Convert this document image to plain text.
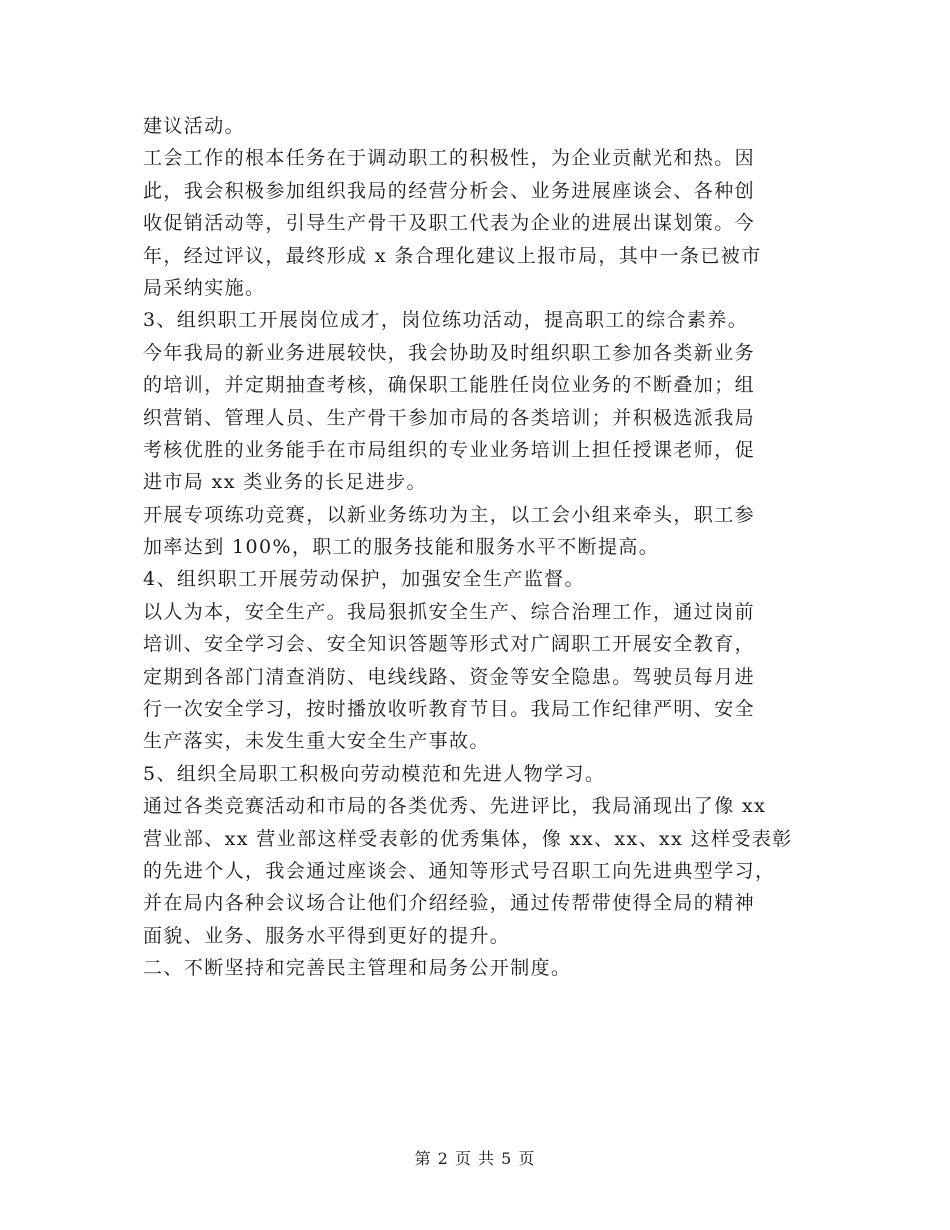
建议活动。
工会工作的根本任务在于调动职工的积极性，为企业贡献光和热。因
此，我会积极参加组织我局的经营分析会、业务进展座谈会、各种创
收促销活动等，引导生产骨干及职工代表为企业的进展出谋划策。今
年，经过评议，最终形成 x 条合理化建议上报市局，其中一条已被市
局采纳实施。
3、组织职工开展岗位成才，岗位练功活动，提高职工的综合素养。
今年我局的新业务进展较快，我会协助及时组织职工参加各类新业务
的培训，并定期抽查考核，确保职工能胜任岗位业务的不断叠加；组
织营销、管理人员、生产骨干参加市局的各类培训；并积极选派我局
考核优胜的业务能手在市局组织的专业业务培训上担任授课老师，促
进市局 xx 类业务的长足进步。
开展专项练功竞赛，以新业务练功为主，以工会小组来牵头，职工参
加率达到 100%，职工的服务技能和服务水平不断提高。
4、组织职工开展劳动保护，加强安全生产监督。
以人为本，安全生产。我局狠抓安全生产、综合治理工作，通过岗前
培训、安全学习会、安全知识答题等形式对广阔职工开展安全教育，
定期到各部门清查消防、电线线路、资金等安全隐患。驾驶员每月进
行一次安全学习，按时播放收听教育节目。我局工作纪律严明、安全
生产落实，未发生重大安全生产事故。
5、组织全局职工积极向劳动模范和先进人物学习。
通过各类竞赛活动和市局的各类优秀、先进评比，我局涌现出了像 xx
营业部、xx 营业部这样受表彰的优秀集体，像 xx、xx、xx 这样受表彰
的先进个人，我会通过座谈会、通知等形式号召职工向先进典型学习，
并在局内各种会议场合让他们介绍经验，通过传帮带使得全局的精神
面貌、业务、服务水平得到更好的提升。
二、不断坚持和完善民主管理和局务公开制度。
第 2 页 共 5 页
